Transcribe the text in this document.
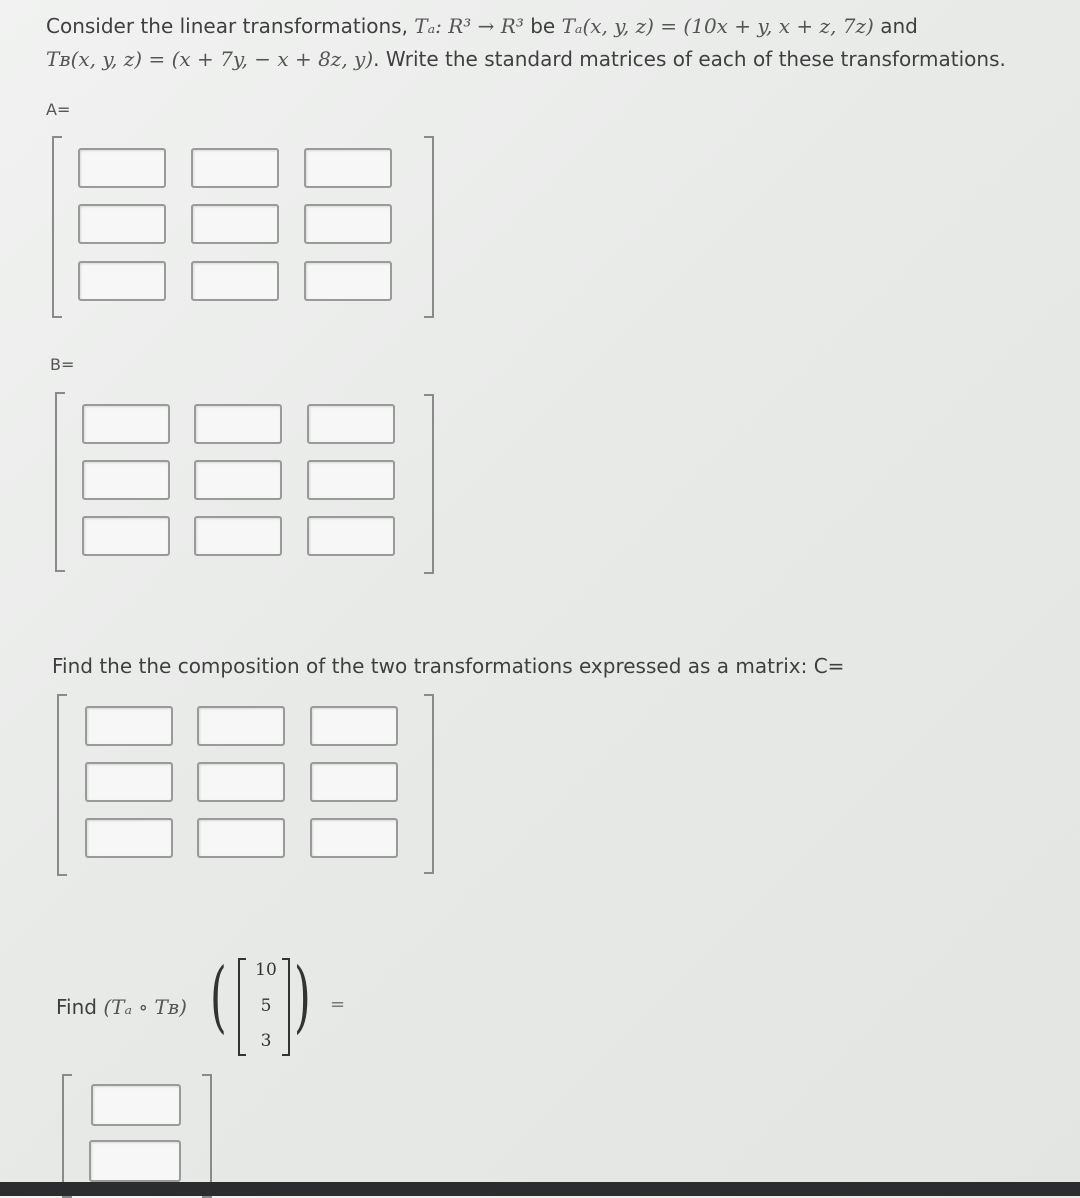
Consider the linear transformations, Tₐ: R³ → R³ be Tₐ(x, y, z) = (10x + y, x + z, 7z) and
Tʙ(x, y, z) = (x + 7y, − x + 8z, y). Write the standard matrices of each of these transformations.
A=
B=
Find the the composition of the two transformations expressed as a matrix: C=
Find (Tₐ ∘ Tʙ) (	10
5
3 ) =
